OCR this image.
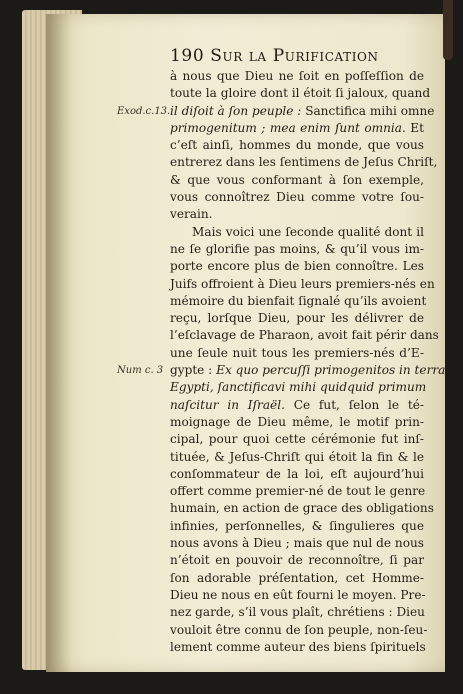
190 Sur la Purification
à nous que Dieu ne ſoit en poſſeſſion de
toute la gloire dont il étoit ſi jaloux, quand
il diſoit à ſon peuple : Sanctifica mihi omne
Exod.c.13.
primogenitum ; mea enim ſunt omnia. Et
c’eſt ainſi, hommes du monde, que vous
entrerez dans les ſentimens de Jeſus Chriſt,
& que vous conformant à ſon exemple,
vous connoîtrez Dieu comme votre ſou-
verain.
Mais voici une ſeconde qualité dont il
ne ſe glorifie pas moins, & qu’il vous im-
porte encore plus de bien connoître. Les
Juifs offroient à Dieu leurs premiers-nés en
mémoire du bienfait ſignalé qu’ils avoient
reçu, lorſque Dieu, pour les délivrer de
l’eſclavage de Pharaon, avoit fait périr dans
une ſeule nuit tous les premiers-nés d’E-
gypte : Ex quo percuſſi primogenitos in terra
Num c. 3
Egypti, ſanctificavi mihi quidquid primum
naſcitur in Iſraël. Ce fut, ſelon le té-
moignage de Dieu même, le motif prin-
cipal, pour quoi cette cérémonie fut inſ-
tituée, & Jeſus-Chriſt qui étoit la fin & le
conſommateur de la loi, eſt aujourd’hui
offert comme premier-né de tout le genre
humain, en action de grace des obligations
infinies, perſonnelles, & ſingulieres que
nous avons à Dieu ; mais que nul de nous
n’étoit en pouvoir de reconnoître, ſi par
ſon adorable préſentation, cet Homme-
Dieu ne nous en eût fourni le moyen. Pre-
nez garde, s’il vous plaît, chrétiens : Dieu
vouloit être connu de ſon peuple, non-ſeu-
lement comme auteur des biens ſpirituels
